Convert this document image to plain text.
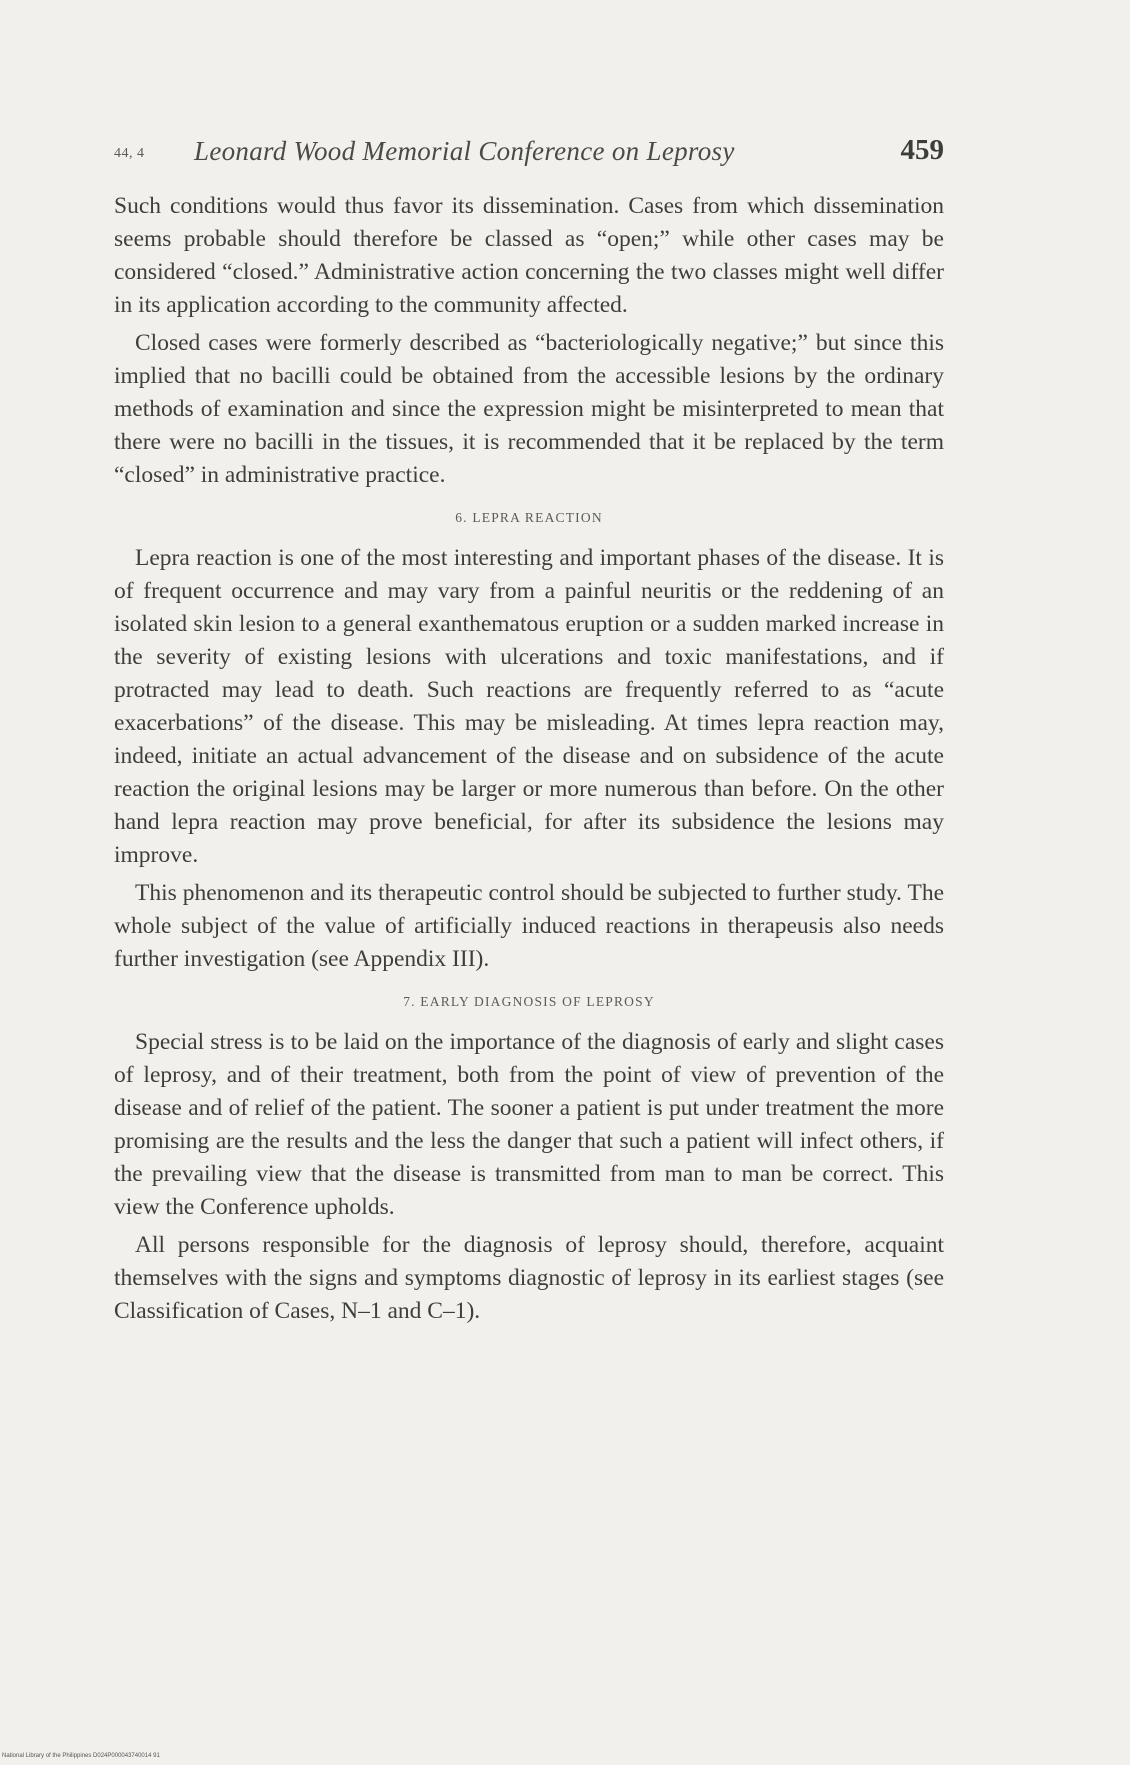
44, 4 Leonard Wood Memorial Conference on Leprosy	459

Such conditions would thus favor its dissemination. Cases from which dissemination seems probable should therefore be classed as “open;” while other cases may be considered “closed.” Administrative action concerning the two classes might well differ in its application according to the community affected.

Closed cases were formerly described as “bacteriologically negative;” but since this implied that no bacilli could be obtained from the accessible lesions by the ordinary methods of examination and since the expression might be misinterpreted to mean that there were no bacilli in the tissues, it is recommended that it be replaced by the term “closed” in administrative practice.

6. LEPRA REACTION

Lepra reaction is one of the most interesting and important phases of the disease. It is of frequent occurrence and may vary from a painful neuritis or the reddening of an isolated skin lesion to a general exanthematous eruption or a sudden marked increase in the severity of existing lesions with ulcerations and toxic manifestations, and if protracted may lead to death. Such reactions are frequently referred to as “acute exacerbations” of the disease. This may be misleading. At times lepra reaction may, indeed, initiate an actual advancement of the disease and on subsidence of the acute reaction the original lesions may be larger or more numerous than before. On the other hand lepra reaction may prove beneficial, for after its subsidence the lesions may improve.

This phenomenon and its therapeutic control should be subjected to further study. The whole subject of the value of artificially induced reactions in therapeusis also needs further investigation (see Appendix III).

7. EARLY DIAGNOSIS OF LEPROSY

Special stress is to be laid on the importance of the diagnosis of early and slight cases of leprosy, and of their treatment, both from the point of view of prevention of the disease and of relief of the patient. The sooner a patient is put under treatment the more promising are the results and the less the danger that such a patient will infect others, if the prevailing view that the disease is transmitted from man to man be correct. This view the Conference upholds.

All persons responsible for the diagnosis of leprosy should, therefore, acquaint themselves with the signs and symptoms diagnostic of leprosy in its earliest stages (see Classification of Cases, N–1 and C–1).

National Library of the Philippines D024P000043740014 91
